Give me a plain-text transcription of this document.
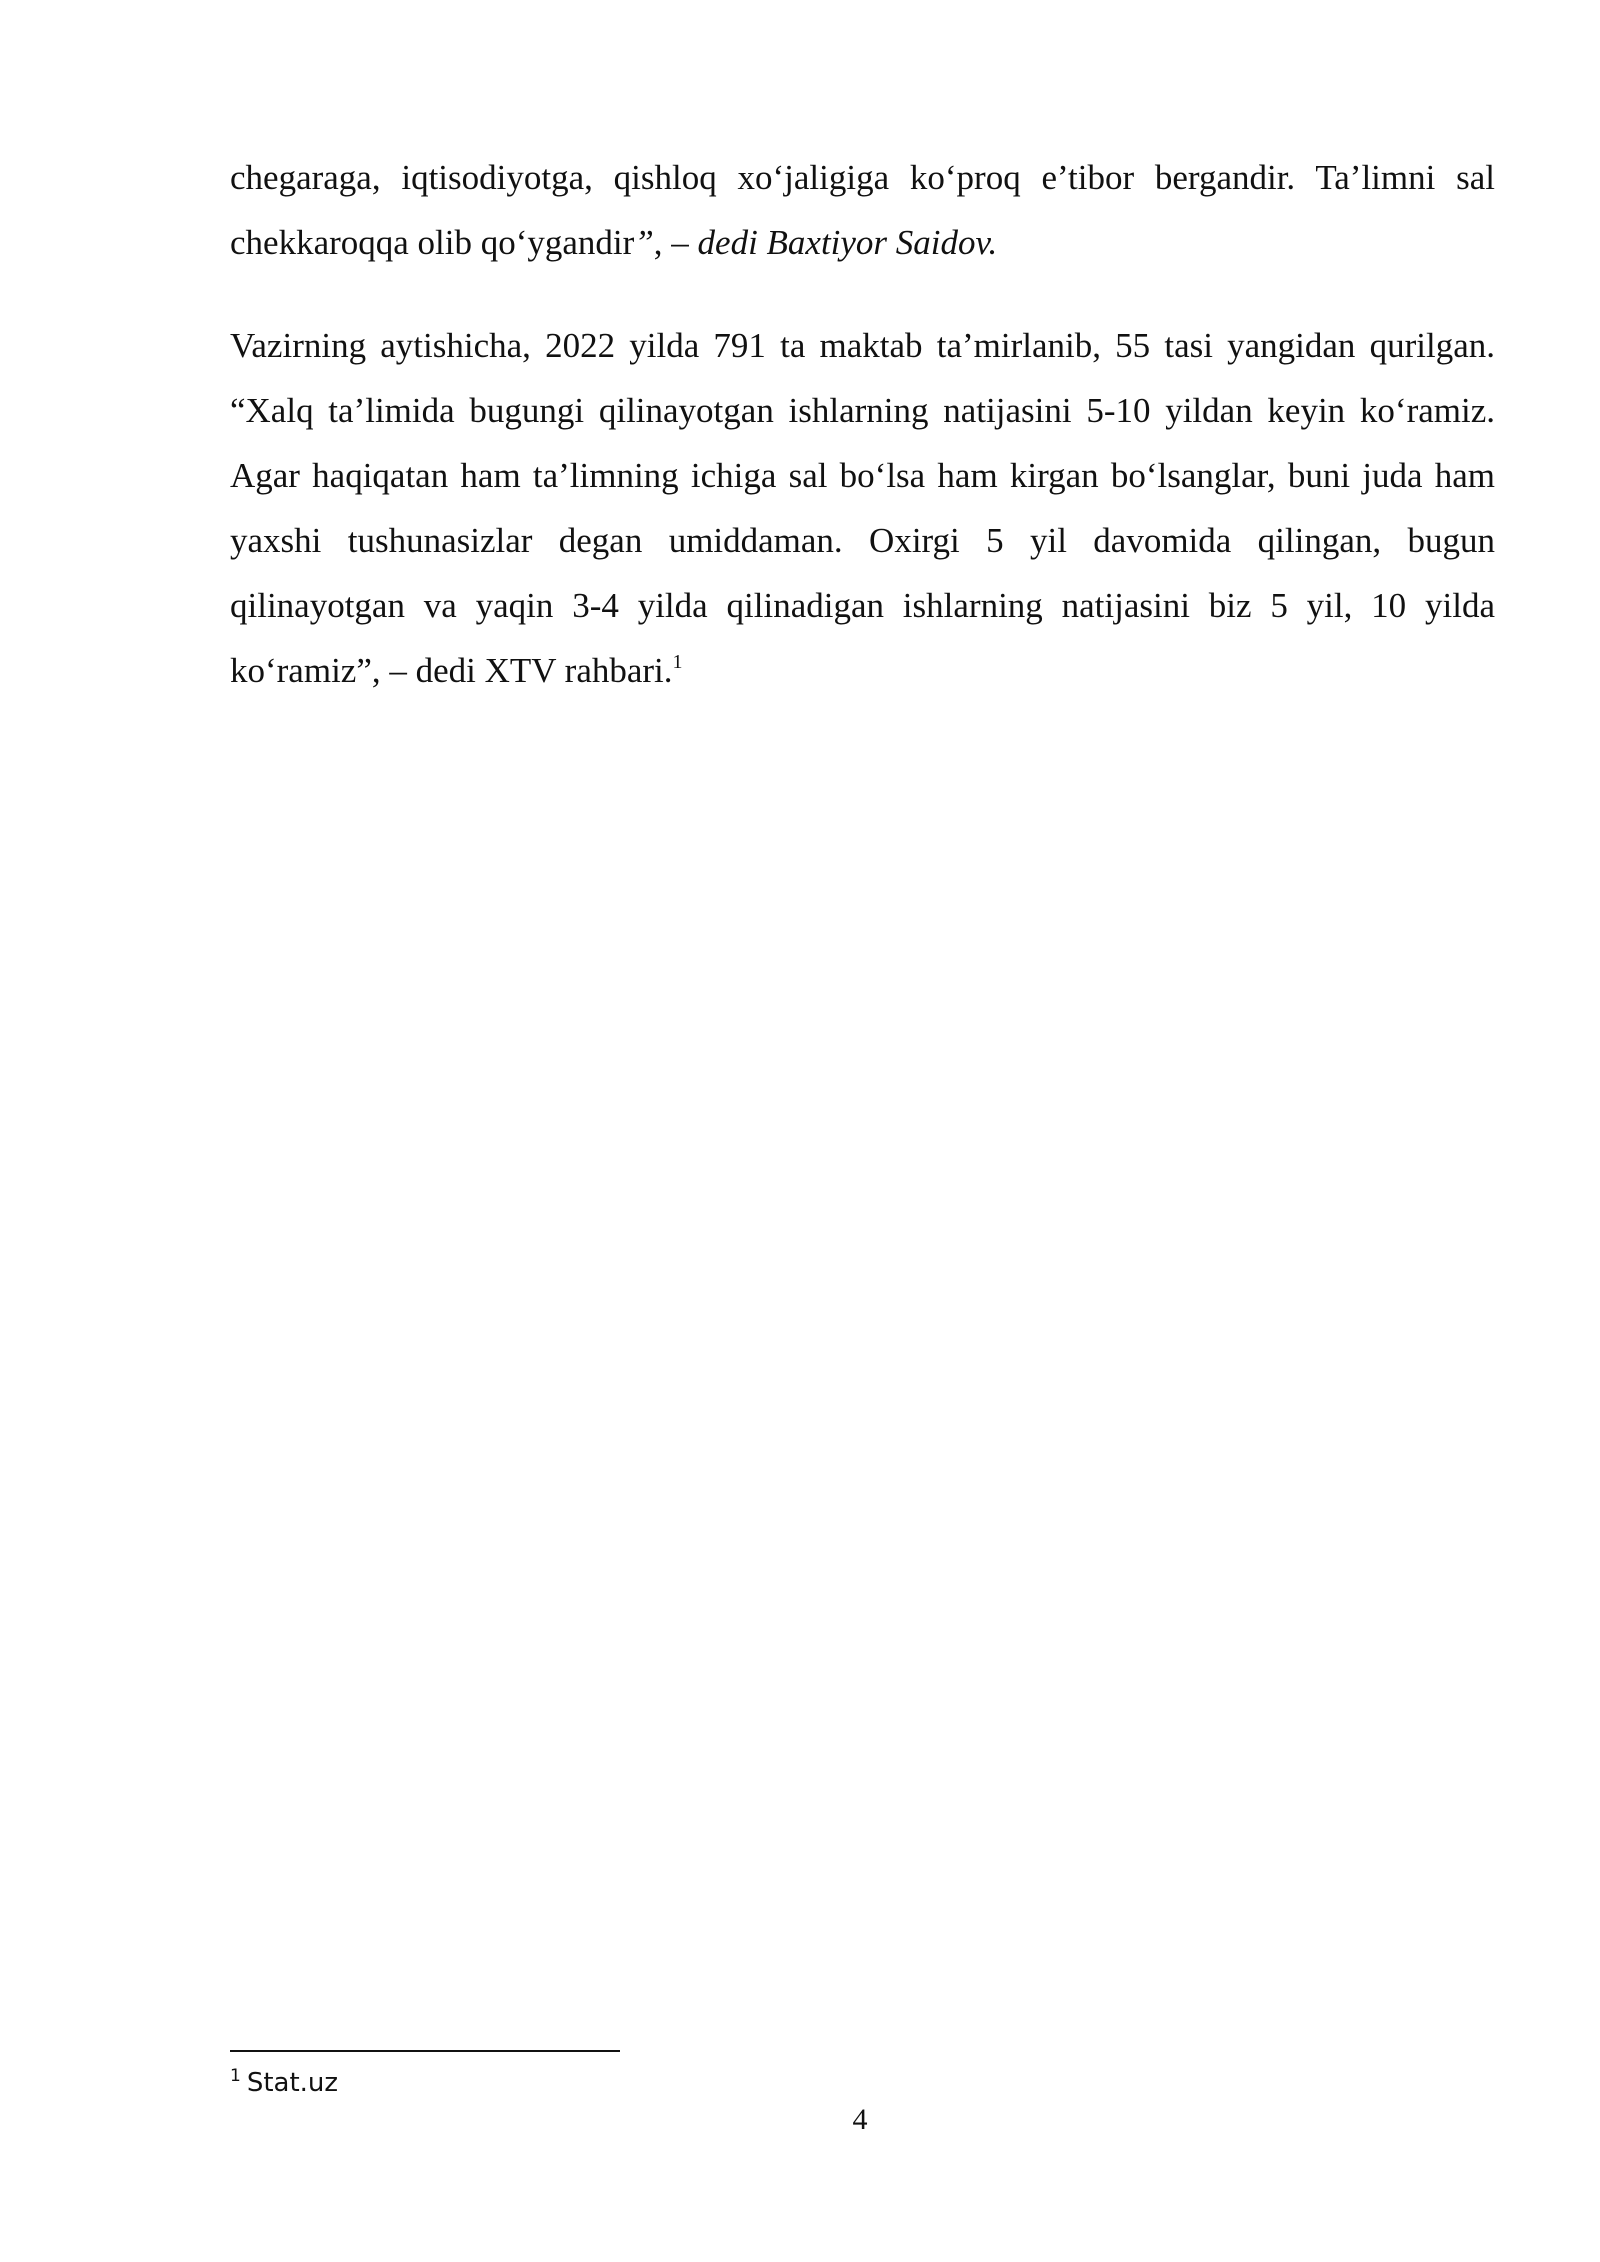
chegaraga, iqtisodiyotga, qishloq xo‘jaligiga ko‘proq e’tibor bergandir. Ta’limni sal chekkaroqqa olib qo‘ygandir”, – dedi Baxtiyor Saidov.

Vazirning aytishicha, 2022 yilda 791 ta maktab ta’mirlanib, 55 tasi yangidan qurilgan. “Xalq ta’limida bugungi qilinayotgan ishlarning natijasini 5-10 yildan keyin ko‘ramiz. Agar haqiqatan ham ta’limning ichiga sal bo‘lsa ham kirgan bo‘lsanglar, buni juda ham yaxshi tushunasizlar degan umiddaman. Oxirgi 5 yil davomida qilingan, bugun qilinayotgan va yaqin 3-4 yilda qilinadigan ishlarning natijasini biz 5 yil, 10 yilda ko‘ramiz”, – dedi XTV rahbari.$^1$

$^1$ Stat.uz

4
